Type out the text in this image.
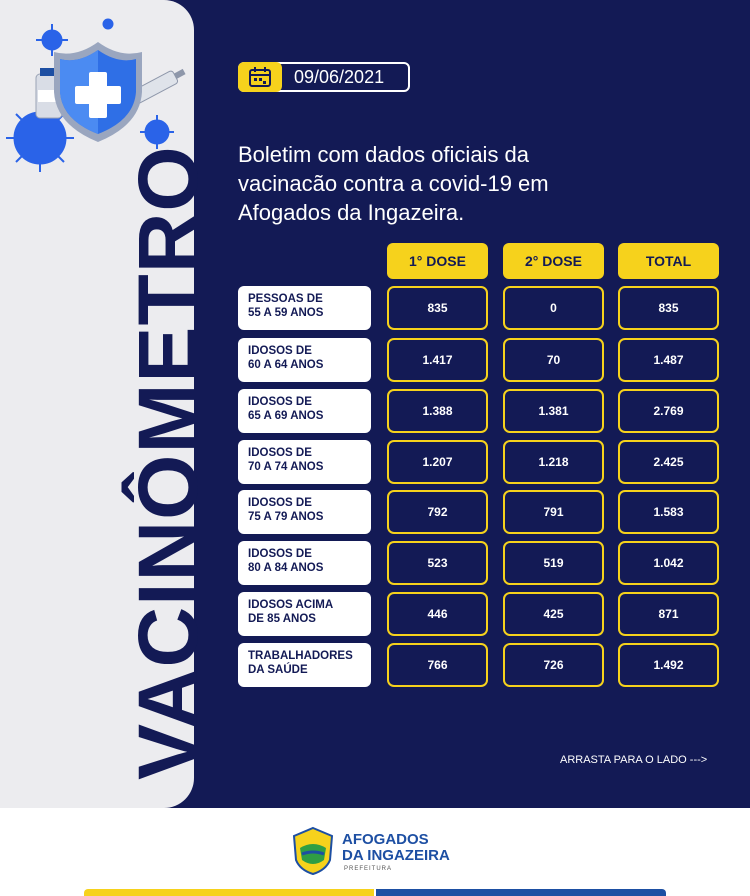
VACINÔMETRO
09/06/2021
Boletim com dados oficiais da
vacinacão contra a covid-19 em
Afogados da Ingazeira.
1° DOSE	2° DOSE	TOTAL
PESSOAS DE
55 A 59 ANOS	835	0	835
IDOSOS DE
60 A 64 ANOS	1.417	70	1.487
IDOSOS DE
65 A 69 ANOS	1.388	1.381	2.769
IDOSOS DE
70 A 74 ANOS	1.207	1.218	2.425
IDOSOS DE
75 A 79 ANOS	792	791	1.583
IDOSOS DE
80 A 84 ANOS	523	519	1.042
IDOSOS ACIMA
DE 85 ANOS	446	425	871
TRABALHADORES
DA SAÚDE	766	726	1.492
ARRASTA PARA O LADO --->
AFOGADOS
DA INGAZEIRA
PREFEITURA
